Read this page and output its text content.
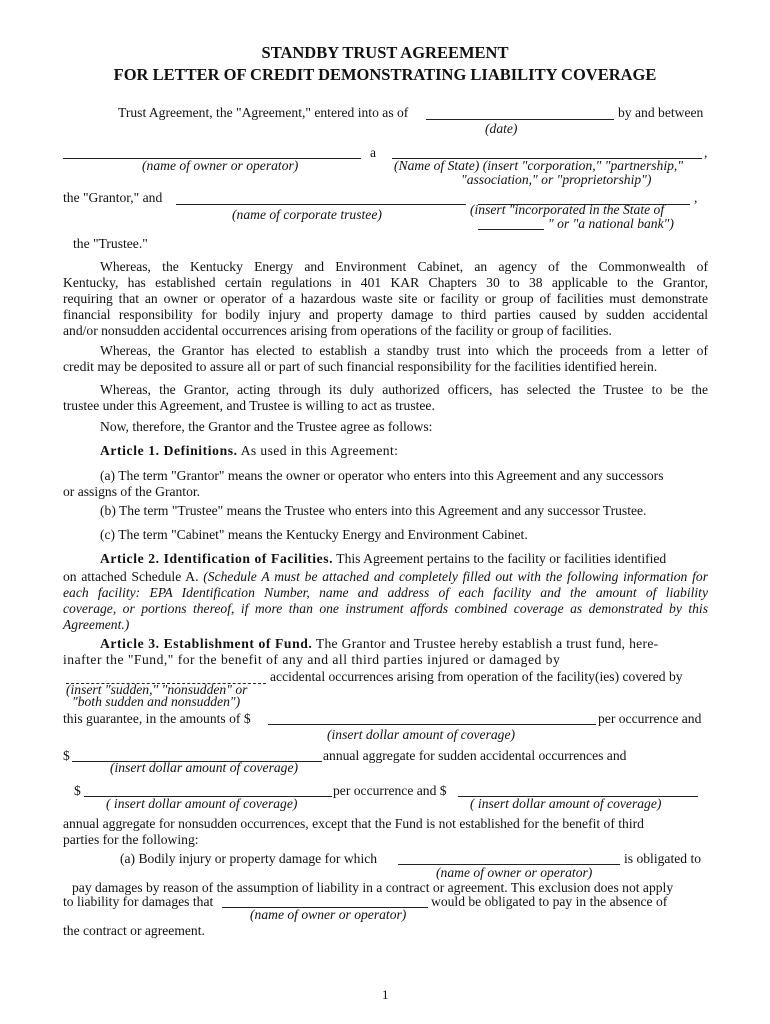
STANDBY TRUST AGREEMENT
FOR LETTER OF CREDIT DEMONSTRATING LIABILITY COVERAGE
Trust Agreement, the "Agreement," entered into as of	by and between
(date)
a	,
(name of owner or operator)	(Name of State) (insert "corporation," "partnership,"
"association," or "proprietorship")
the "Grantor," and	,
(name of corporate trustee)	(insert "incorporated in the State of
" or "a national bank")
the "Trustee."
Whereas, the Kentucky Energy and Environment Cabinet, an agency of the Commonwealth of
Kentucky, has established certain regulations in 401 KAR Chapters 30 to 38 applicable to the Grantor,
requiring that an owner or operator of a hazardous waste site or facility or group of facilities must demonstrate
financial responsibility for bodily injury and property damage to third parties caused by sudden accidental
and/or nonsudden accidental occurrences arising from operations of the facility or group of facilities.
Whereas, the Grantor has elected to establish a standby trust into which the proceeds from a letter of
credit may be deposited to assure all or part of such financial responsibility for the facilities identified herein.
Whereas, the Grantor, acting through its duly authorized officers, has selected the Trustee to be the
trustee under this Agreement, and Trustee is willing to act as trustee.
Now, therefore, the Grantor and the Trustee agree as follows:
Article 1. Definitions. As used in this Agreement:
(a) The term "Grantor" means the owner or operator who enters into this Agreement and any successors
or assigns of the Grantor.
(b) The term "Trustee" means the Trustee who enters into this Agreement and any successor Trustee.
(c) The term "Cabinet" means the Kentucky Energy and Environment Cabinet.
Article 2. Identification of Facilities. This Agreement pertains to the facility or facilities identified
on attached Schedule A. (Schedule A must be attached and completely filled out with the following information for
each facility: EPA Identification Number, name and address of each facility and the amount of liability
coverage, or portions thereof, if more than one instrument affords combined coverage as demonstrated by this
Agreement.)
Article 3. Establishment of Fund. The Grantor and Trustee hereby establish a trust fund, here-
inafter the "Fund," for the benefit of any and all third parties injured or damaged by
accidental occurrences arising from operation of the facility(ies) covered by
(insert "sudden," "nonsudden" or
"both sudden and nonsudden")
this guarantee, in the amounts of $	per occurrence and
(insert dollar amount of coverage)
$	annual aggregate for sudden accidental occurrences and
(insert dollar amount of coverage)
$	per occurrence and $
( insert dollar amount of coverage)	( insert dollar amount of coverage)
annual aggregate for nonsudden occurrences, except that the Fund is not established for the benefit of third
parties for the following:
(a) Bodily injury or property damage for which	is obligated to
(name of owner or operator)
pay damages by reason of the assumption of liability in a contract or agreement. This exclusion does not apply
to liability for damages that	would be obligated to pay in the absence of
(name of owner or operator)
the contract or agreement.
1
